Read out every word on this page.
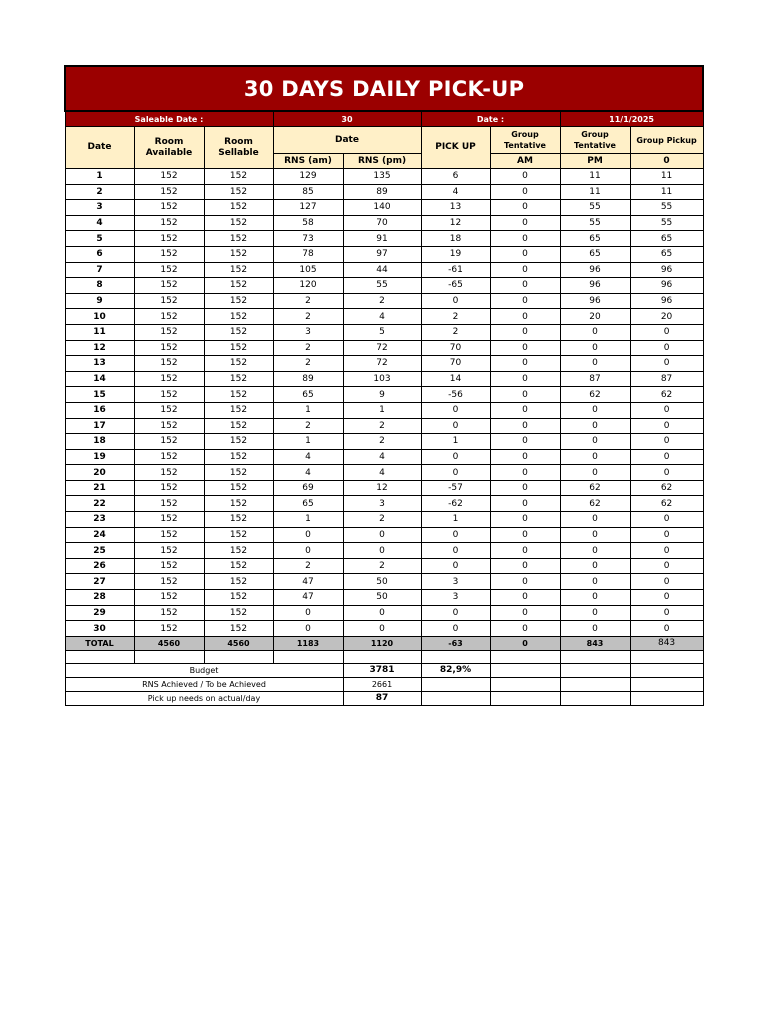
30 DAYS DAILY PICK-UP								
Saleable Date :			30		Date :		11/1/2025	
Date	Room Available	Room Sellable	Date		PICK UP	Group Tentative	Group Tentative	Group Pickup
			RNS (am)	RNS (pm)		AM	PM	0
1	152	152	129	135	6	0	11	11
2	152	152	85	89	4	0	11	11
3	152	152	127	140	13	0	55	55
4	152	152	58	70	12	0	55	55
5	152	152	73	91	18	0	65	65
6	152	152	78	97	19	0	65	65
7	152	152	105	44	-61	0	96	96
8	152	152	120	55	-65	0	96	96
9	152	152	2	2	0	0	96	96
10	152	152	2	4	2	0	20	20
11	152	152	3	5	2	0	0	0
12	152	152	2	72	70	0	0	0
13	152	152	2	72	70	0	0	0
14	152	152	89	103	14	0	87	87
15	152	152	65	9	-56	0	62	62
16	152	152	1	1	0	0	0	0
17	152	152	2	2	0	0	0	0
18	152	152	1	2	1	0	0	0
19	152	152	4	4	0	0	0	0
20	152	152	4	4	0	0	0	0
21	152	152	69	12	-57	0	62	62
22	152	152	65	3	-62	0	62	62
23	152	152	1	2	1	0	0	0
24	152	152	0	0	0	0	0	0
25	152	152	0	0	0	0	0	0
26	152	152	2	2	0	0	0	0
27	152	152	47	50	3	0	0	0
28	152	152	47	50	3	0	0	0
29	152	152	0	0	0	0	0	0
30	152	152	0	0	0	0	0	0
TOTAL	4560	4560	1183	1120	-63	0	843	843

Budget				3781	82,9%			
RNS Achieved / To be Achieved				2661				
Pick up needs on actual/day				87				
